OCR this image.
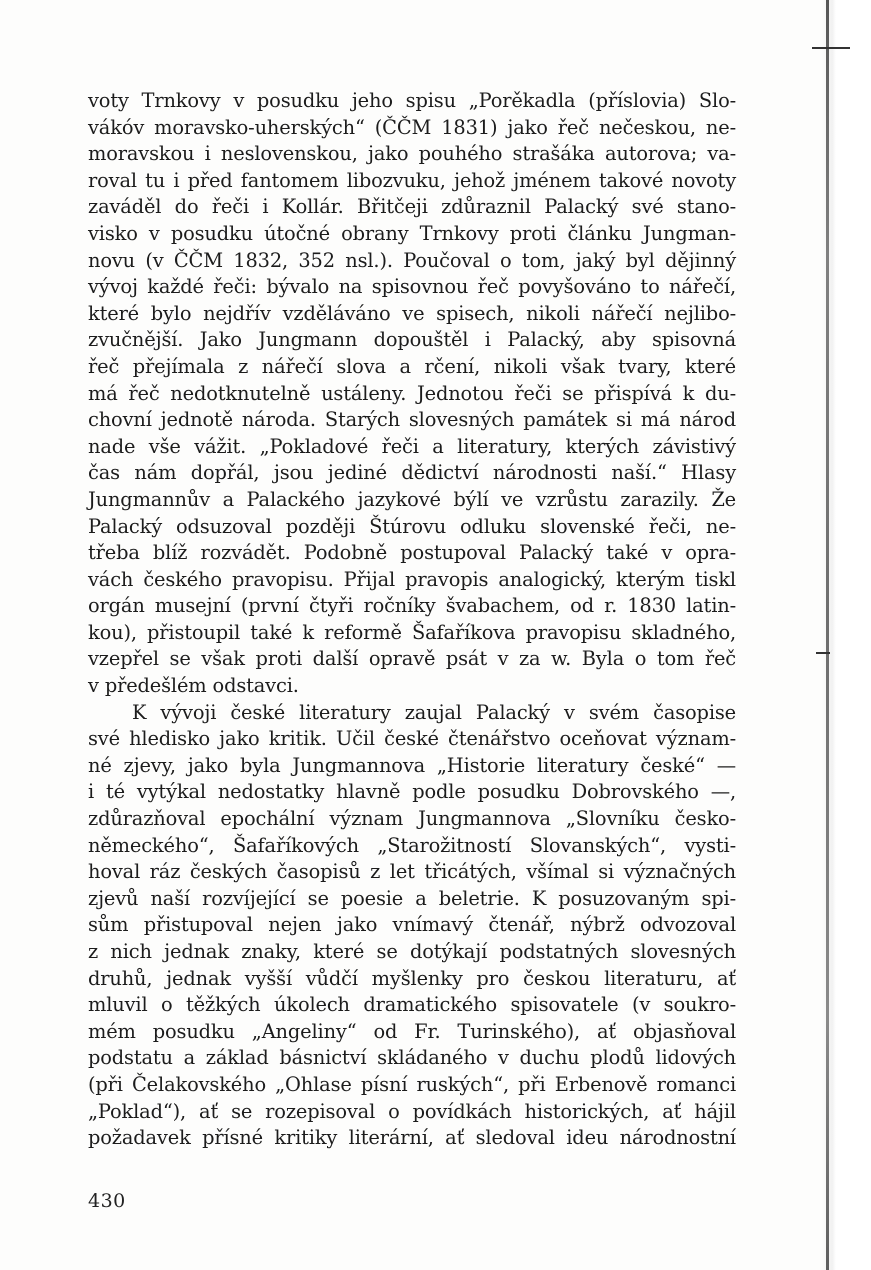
voty Trnkovy v posudku jeho spisu „Porěkadla (příslovia) Slo-
vákóv moravsko-uherských“ (ČČM 1831) jako řeč nečeskou, ne-
moravskou i neslovenskou, jako pouhého strašáka autorova; va-
roval tu i před fantomem libozvuku, jehož jménem takové novoty
zaváděl do řeči i Kollár. Břitčeji zdůraznil Palacký své stano-
visko v posudku útočné obrany Trnkovy proti článku Jungman-
novu (v ČČM 1832, 352 nsl.). Poučoval o tom, jaký byl dějinný
vývoj každé řeči: bývalo na spisovnou řeč povyšováno to nářečí,
které bylo nejdřív vzděláváno ve spisech, nikoli nářečí nejlibo-
zvučnější. Jako Jungmann dopouštěl i Palacký, aby spisovná
řeč přejímala z nářečí slova a rčení, nikoli však tvary, které
má řeč nedotknutelně ustáleny. Jednotou řeči se přispívá k du-
chovní jednotě národa. Starých slovesných památek si má národ
nade vše vážit. „Pokladové řeči a literatury, kterých závistivý
čas nám dopřál, jsou jediné dědictví národnosti naší.“ Hlasy
Jungmannův a Palackého jazykové býlí ve vzrůstu zarazily. Že
Palacký odsuzoval později Štúrovu odluku slovenské řeči, ne-
třeba blíž rozvádět. Podobně postupoval Palacký také v opra-
vách českého pravopisu. Přijal pravopis analogický, kterým tiskl
orgán musejní (první čtyři ročníky švabachem, od r. 1830 latin-
kou), přistoupil také k reformě Šafaříkova pravopisu skladného,
vzepřel se však proti další opravě psát v za w. Byla o tom řeč
v předešlém odstavci.
K vývoji české literatury zaujal Palacký v svém časopise
své hledisko jako kritik. Učil české čtenářstvo oceňovat význam-
né zjevy, jako byla Jungmannova „Historie literatury české“ —
i té vytýkal nedostatky hlavně podle posudku Dobrovského —,
zdůrazňoval epochální význam Jungmannova „Slovníku česko-
německého“, Šafaříkových „Starožitností Slovanských“, vysti-
hoval ráz českých časopisů z let třicátých, všímal si význačných
zjevů naší rozvíjející se poesie a beletrie. K posuzovaným spi-
sům přistupoval nejen jako vnímavý čtenář, nýbrž odvozoval
z nich jednak znaky, které se dotýkají podstatných slovesných
druhů, jednak vyšší vůdčí myšlenky pro českou literaturu, ať
mluvil o těžkých úkolech dramatického spisovatele (v soukro-
mém posudku „Angeliny“ od Fr. Turinského), ať objasňoval
podstatu a základ básnictví skládaného v duchu plodů lidových
(při Čelakovského „Ohlase písní ruských“, při Erbenově romanci
„Poklad“), ať se rozepisoval o povídkách historických, ať hájil
požadavek přísné kritiky literární, ať sledoval ideu národnostní
430
